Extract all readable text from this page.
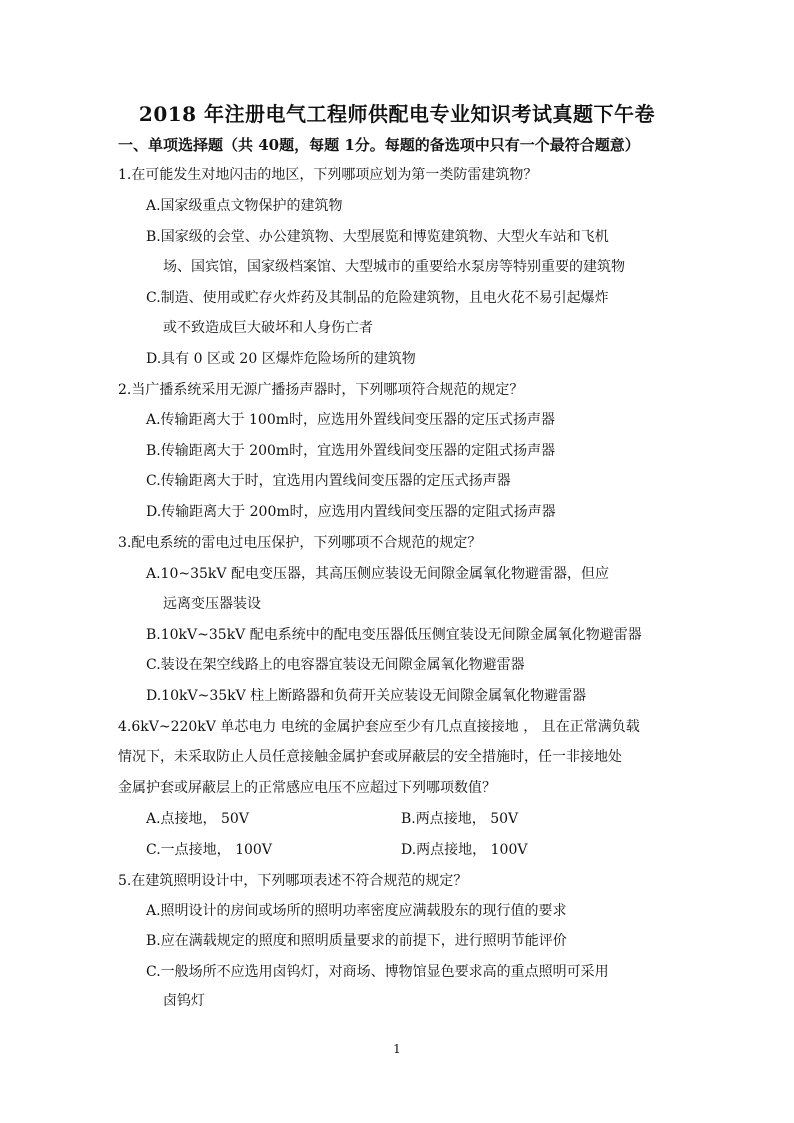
2018 年注册电气工程师供配电专业知识考试真题下午卷
一、单项选择题（共 40题，每题 1分。每题的备选项中只有一个最符合题意）
1.在可能发生对地闪击的地区，下列哪项应划为第一类防雷建筑物？
A.国家级重点文物保护的建筑物
B.国家级的会堂、办公建筑物、大型展览和博览建筑物、大型火车站和飞机
场、国宾馆，国家级档案馆、大型城市的重要给水泵房等特别重要的建筑物
C.制造、使用或贮存火炸药及其制品的危险建筑物，且电火花不易引起爆炸
或不致造成巨大破坏和人身伤亡者
D.具有 0 区或 20 区爆炸危险场所的建筑物
2.当广播系统采用无源广播扬声器时，下列哪项符合规范的规定？
A.传输距离大于 100m时，应选用外置线间变压器的定压式扬声器
B.传输距离大于 200m时，宜选用外置线间变压器的定阻式扬声器
C.传输距离大于时，宜选用内置线间变压器的定压式扬声器
D.传输距离大于 200m时，应选用内置线间变压器的定阻式扬声器
3.配电系统的雷电过电压保护，下列哪项不合规范的规定？
A.10~35kV 配电变压器，其高压侧应装设无间隙金属氧化物避雷器，但应
远离变压器装设
B.10kV~35kV 配电系统中的配电变压器低压侧宜装设无间隙金属氧化物避雷器
C.装设在架空线路上的电容器宜装设无间隙金属氧化物避雷器
D.10kV~35kV 柱上断路器和负荷开关应装设无间隙金属氧化物避雷器
4.6kV~220kV 单芯电力 电统的金属护套应至少有几点直接接地 ， 且在正常满负载
情况下，未采取防止人员任意接触金属护套或屏蔽层的安全措施时，任一非接地处
金属护套或屏蔽层上的正常感应电压不应超过下列哪项数值？
A.点接地， 50V	B.两点接地， 50V
C.一点接地， 100V	D.两点接地， 100V
5.在建筑照明设计中，下列哪项表述不符合规范的规定？
A.照明设计的房间或场所的照明功率密度应满载股东的现行值的要求
B.应在满载规定的照度和照明质量要求的前提下，进行照明节能评价
C.一般场所不应选用卤钨灯，对商场、博物馆显色要求高的重点照明可采用
卤钨灯
1
